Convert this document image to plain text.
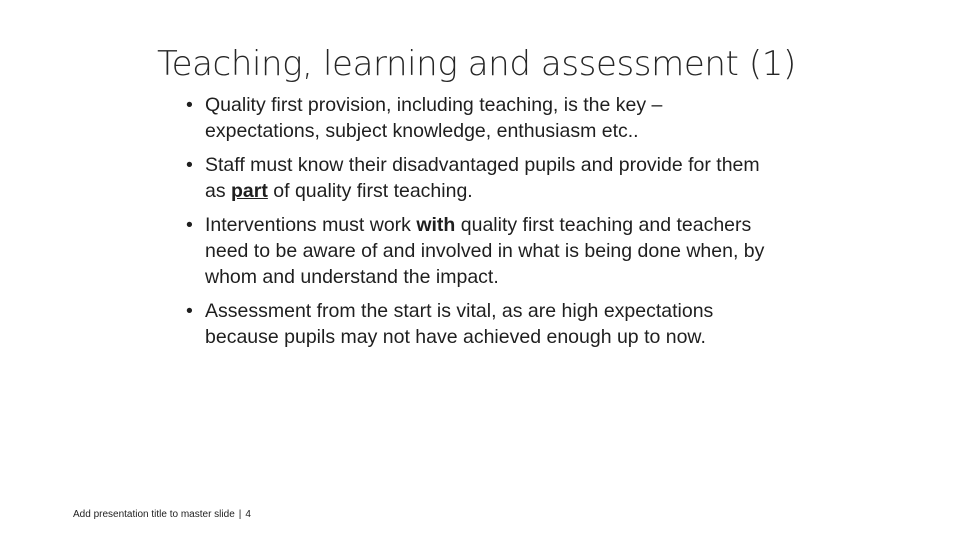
Teaching, learning and assessment (1)
•
Quality first provision, including teaching, is the key – expectations, subject knowledge, enthusiasm etc..
•
Staff must know their disadvantaged pupils and provide for them as part of quality first teaching.
•
Interventions must work with quality first teaching and teachers need to be aware of and involved in what is being done when, by whom and understand the impact.
•
Assessment from the start is vital, as are high expectations because pupils may not have achieved enough up to now.
Add presentation title to master slide | 4
